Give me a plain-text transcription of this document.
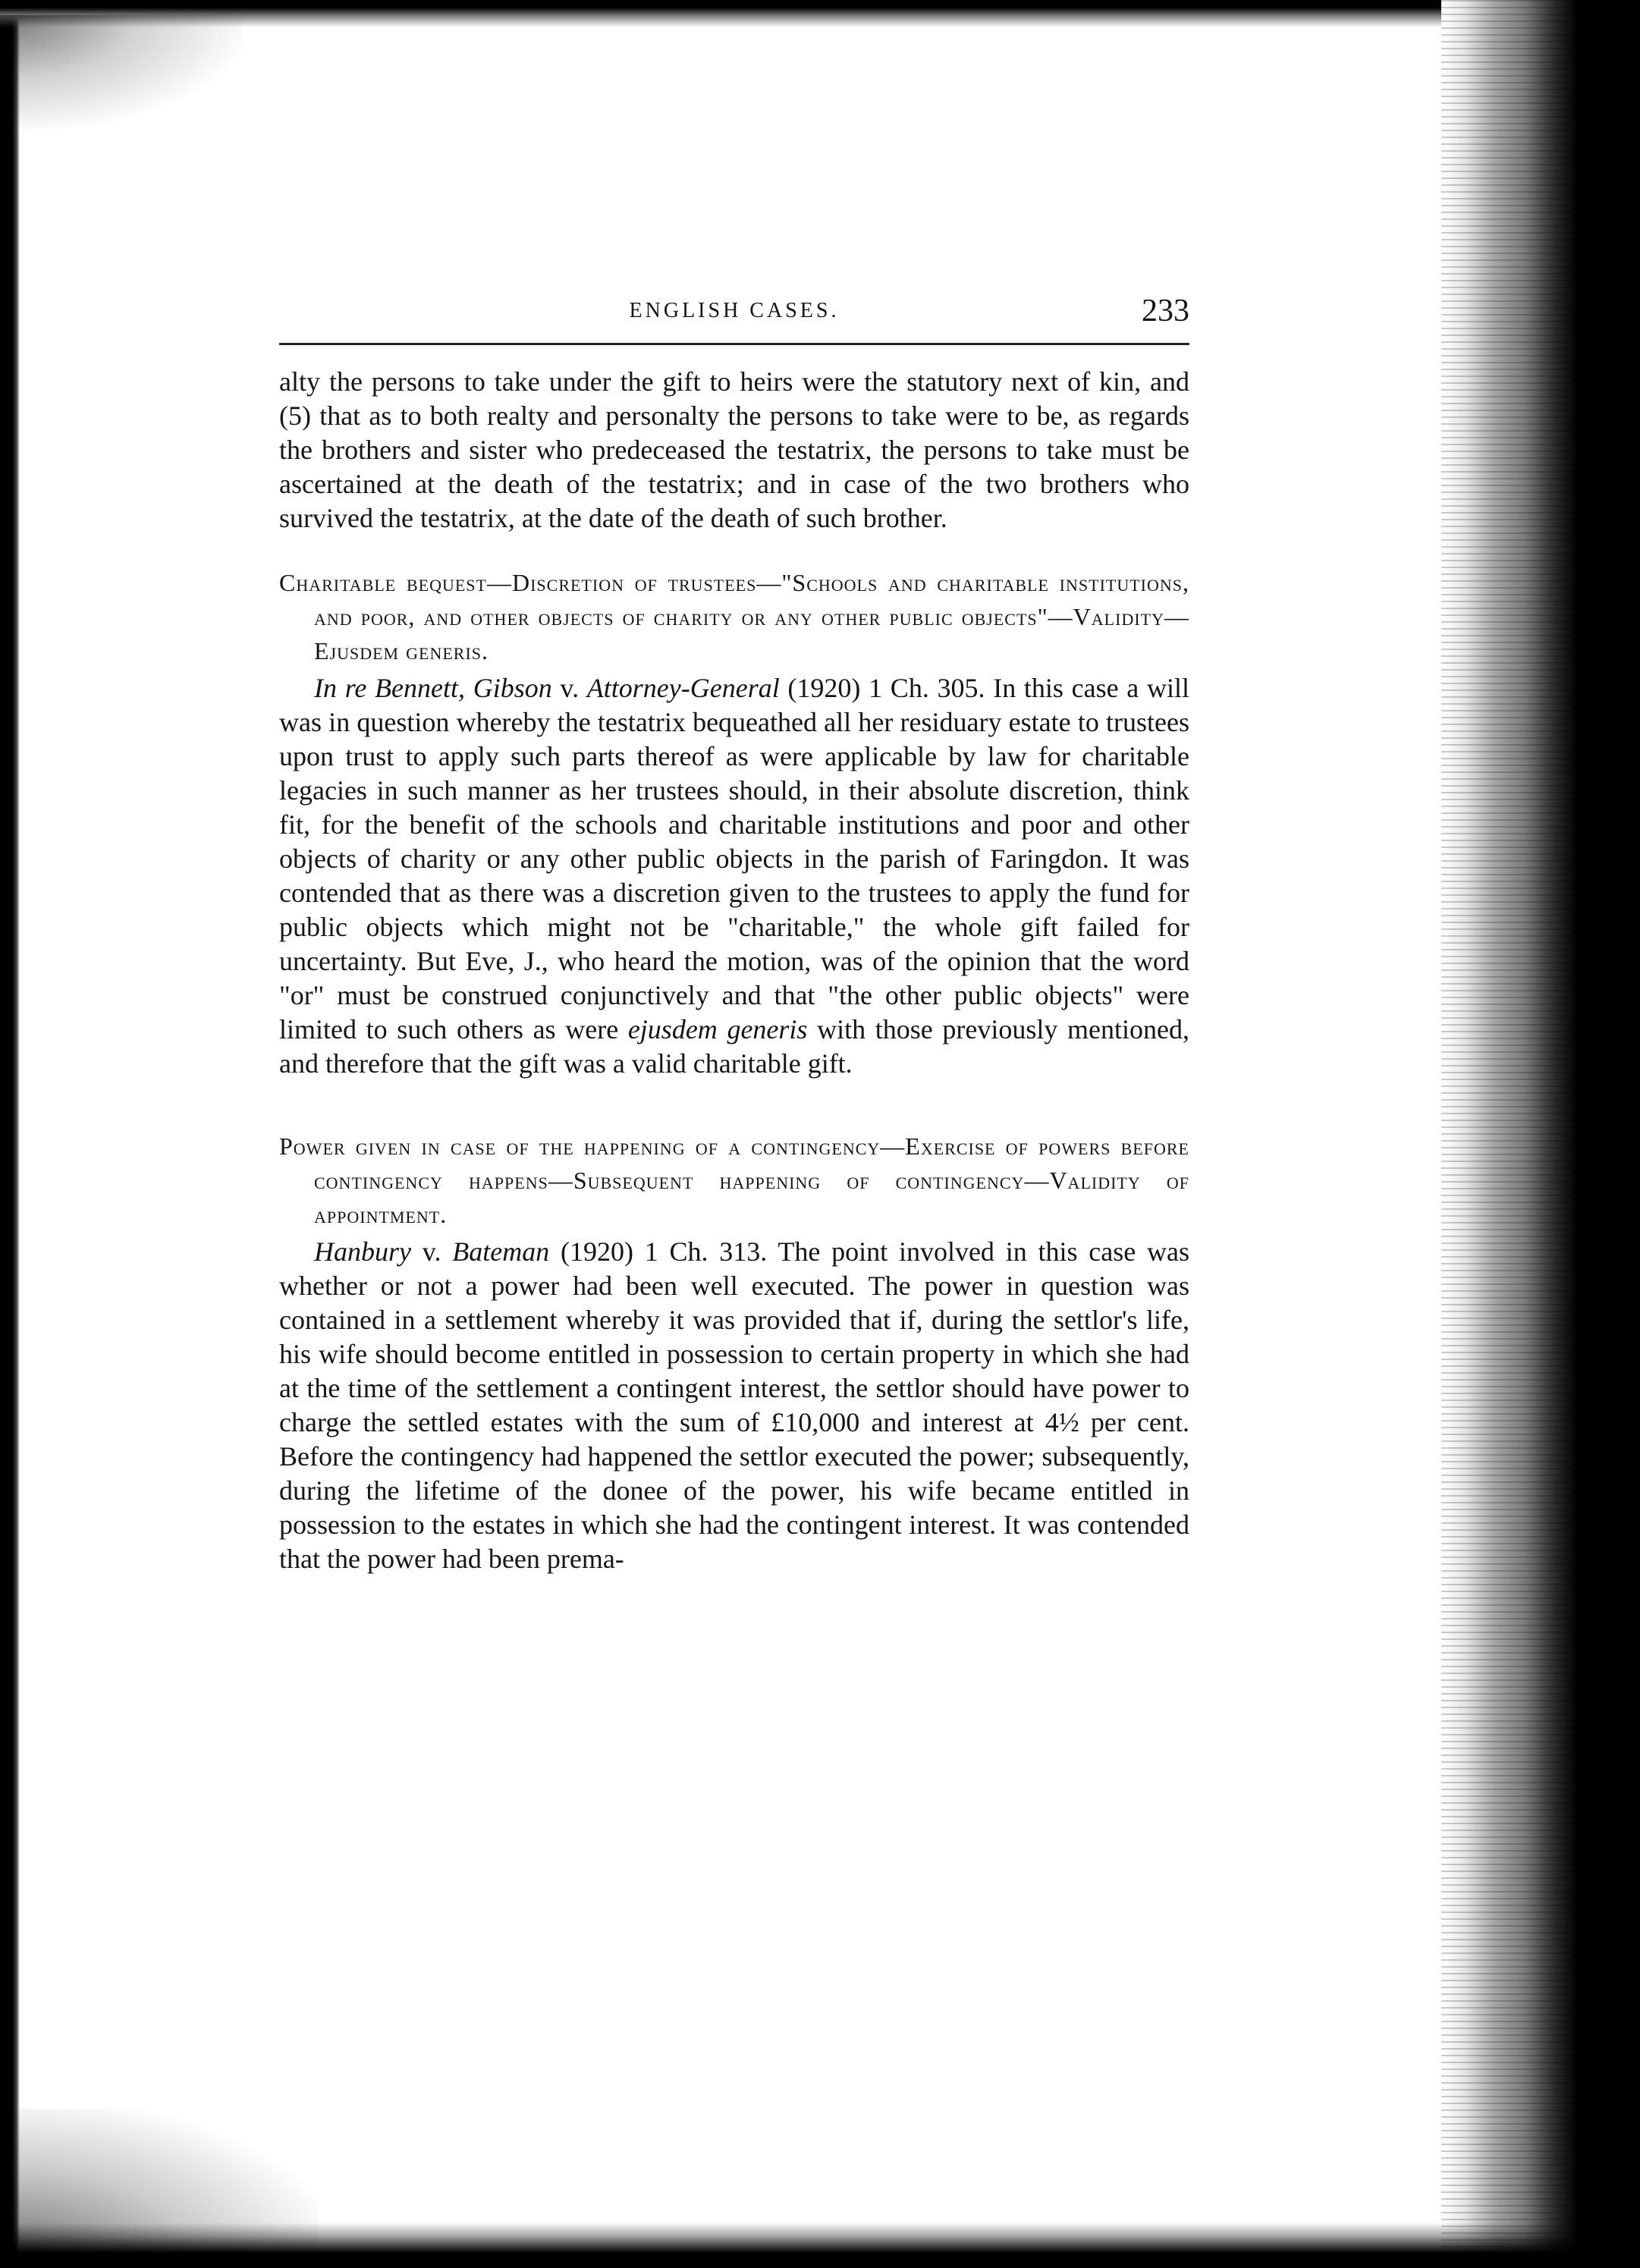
ENGLISH CASES.	233

alty the persons to take under the gift to heirs were the statutory next of kin, and (5) that as to both realty and personalty the persons to take were to be, as regards the brothers and sister who predeceased the testatrix, the persons to take must be ascertained at the death of the testatrix; and in case of the two brothers who survived the testatrix, at the date of the death of such brother.

Charitable bequest—Discretion of trustees—"Schools and charitable institutions, and poor, and other objects of charity or any other public objects"—Validity—Ejusdem generis.

In re Bennett, Gibson v. Attorney-General (1920) 1 Ch. 305. In this case a will was in question whereby the testatrix bequeathed all her residuary estate to trustees upon trust to apply such parts thereof as were applicable by law for charitable legacies in such manner as her trustees should, in their absolute discretion, think fit, for the benefit of the schools and charitable institutions and poor and other objects of charity or any other public objects in the parish of Faringdon. It was contended that as there was a discretion given to the trustees to apply the fund for public objects which might not be "charitable," the whole gift failed for uncertainty. But Eve, J., who heard the motion, was of the opinion that the word "or" must be construed conjunctively and that "the other public objects" were limited to such others as were ejusdem generis with those previously mentioned, and therefore that the gift was a valid charitable gift.

Power given in case of the happening of a contingency—Exercise of powers before contingency happens—Subsequent happening of contingency—Validity of appointment.

Hanbury v. Bateman (1920) 1 Ch. 313. The point involved in this case was whether or not a power had been well executed. The power in question was contained in a settlement whereby it was provided that if, during the settlor's life, his wife should become entitled in possession to certain property in which she had at the time of the settlement a contingent interest, the settlor should have power to charge the settled estates with the sum of £10,000 and interest at 4½ per cent. Before the contingency had happened the settlor executed the power; subsequently, during the lifetime of the donee of the power, his wife became entitled in possession to the estates in which she had the contingent interest. It was contended that the power had been prema-
